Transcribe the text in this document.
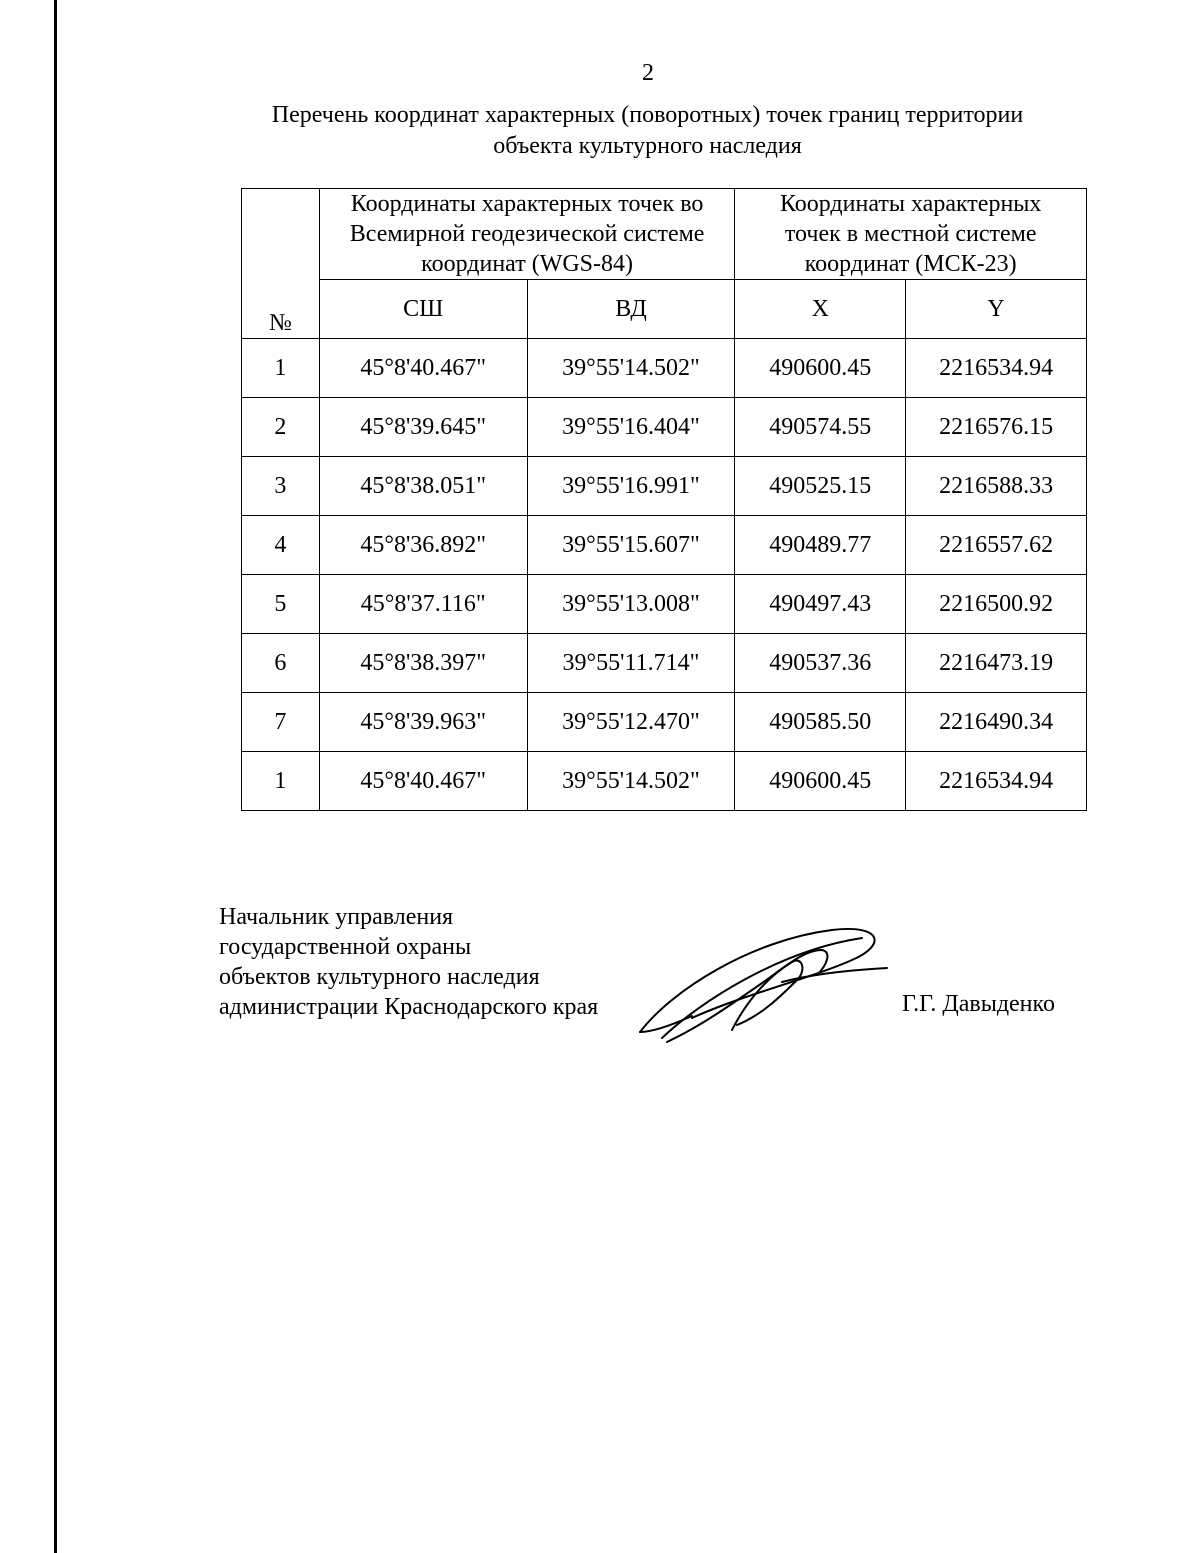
2
Перечень координат характерных (поворотных) точек границ территории объекта культурного наследия
№	Координаты характерных точек во Всемирной геодезической системе координат (WGS-84)		Координаты характерных точек в местной системе координат (МСК-23)	
	СШ	ВД	X	Y
1	45°8'40.467"	39°55'14.502"	490600.45	2216534.94
2	45°8'39.645"	39°55'16.404"	490574.55	2216576.15
3	45°8'38.051"	39°55'16.991"	490525.15	2216588.33
4	45°8'36.892"	39°55'15.607"	490489.77	2216557.62
5	45°8'37.116"	39°55'13.008"	490497.43	2216500.92
6	45°8'38.397"	39°55'11.714"	490537.36	2216473.19
7	45°8'39.963"	39°55'12.470"	490585.50	2216490.34
1	45°8'40.467"	39°55'14.502"	490600.45	2216534.94
Начальник управления
государственной охраны
объектов культурного наследия
администрации Краснодарского края	Г.Г. Давыденко
